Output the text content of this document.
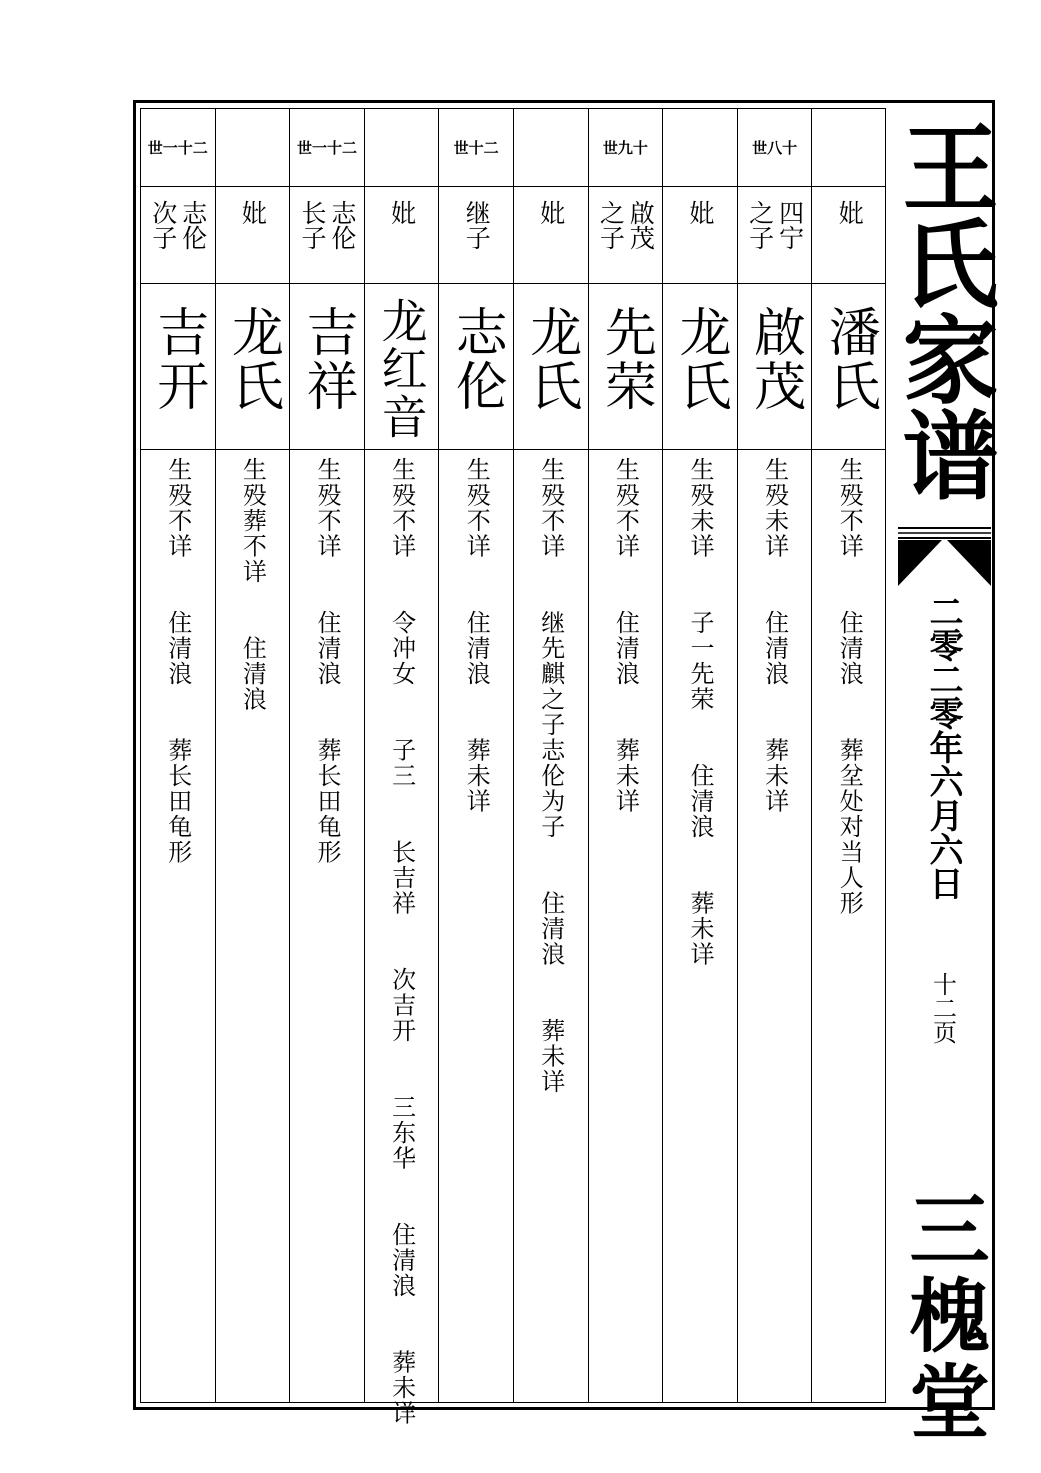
世一十二
志伦
次子
吉开
生殁不详　　住清浪　　葬长田龟形
妣
龙氏
生殁葬不详　　住清浪
世一十二
志伦
长子
吉祥
生殁不详　　住清浪　　葬长田龟形
妣
龙红音
生殁不详　　令冲女　　子三　　长吉祥　　次吉开　　三东华　　住清浪　　葬未详
世十二
继子
志伦
生殁不详　　住清浪　　葬未详
妣
龙氏
生殁不详　　继先麒之子志伦为子　　住清浪　　葬未详
世九十
啟茂
之子
先荣
生殁不详　　住清浪　　葬未详
妣
龙氏
生殁未详　　子一先荣　　住清浪　　葬未详
世八十
四宁
之子
啟茂
生殁未详　　住清浪　　葬未详
妣
潘氏
生殁不详　　住清浪　　葬坌处对当人形
王氏家谱
二零二零年六月六日
十二页
三槐堂
